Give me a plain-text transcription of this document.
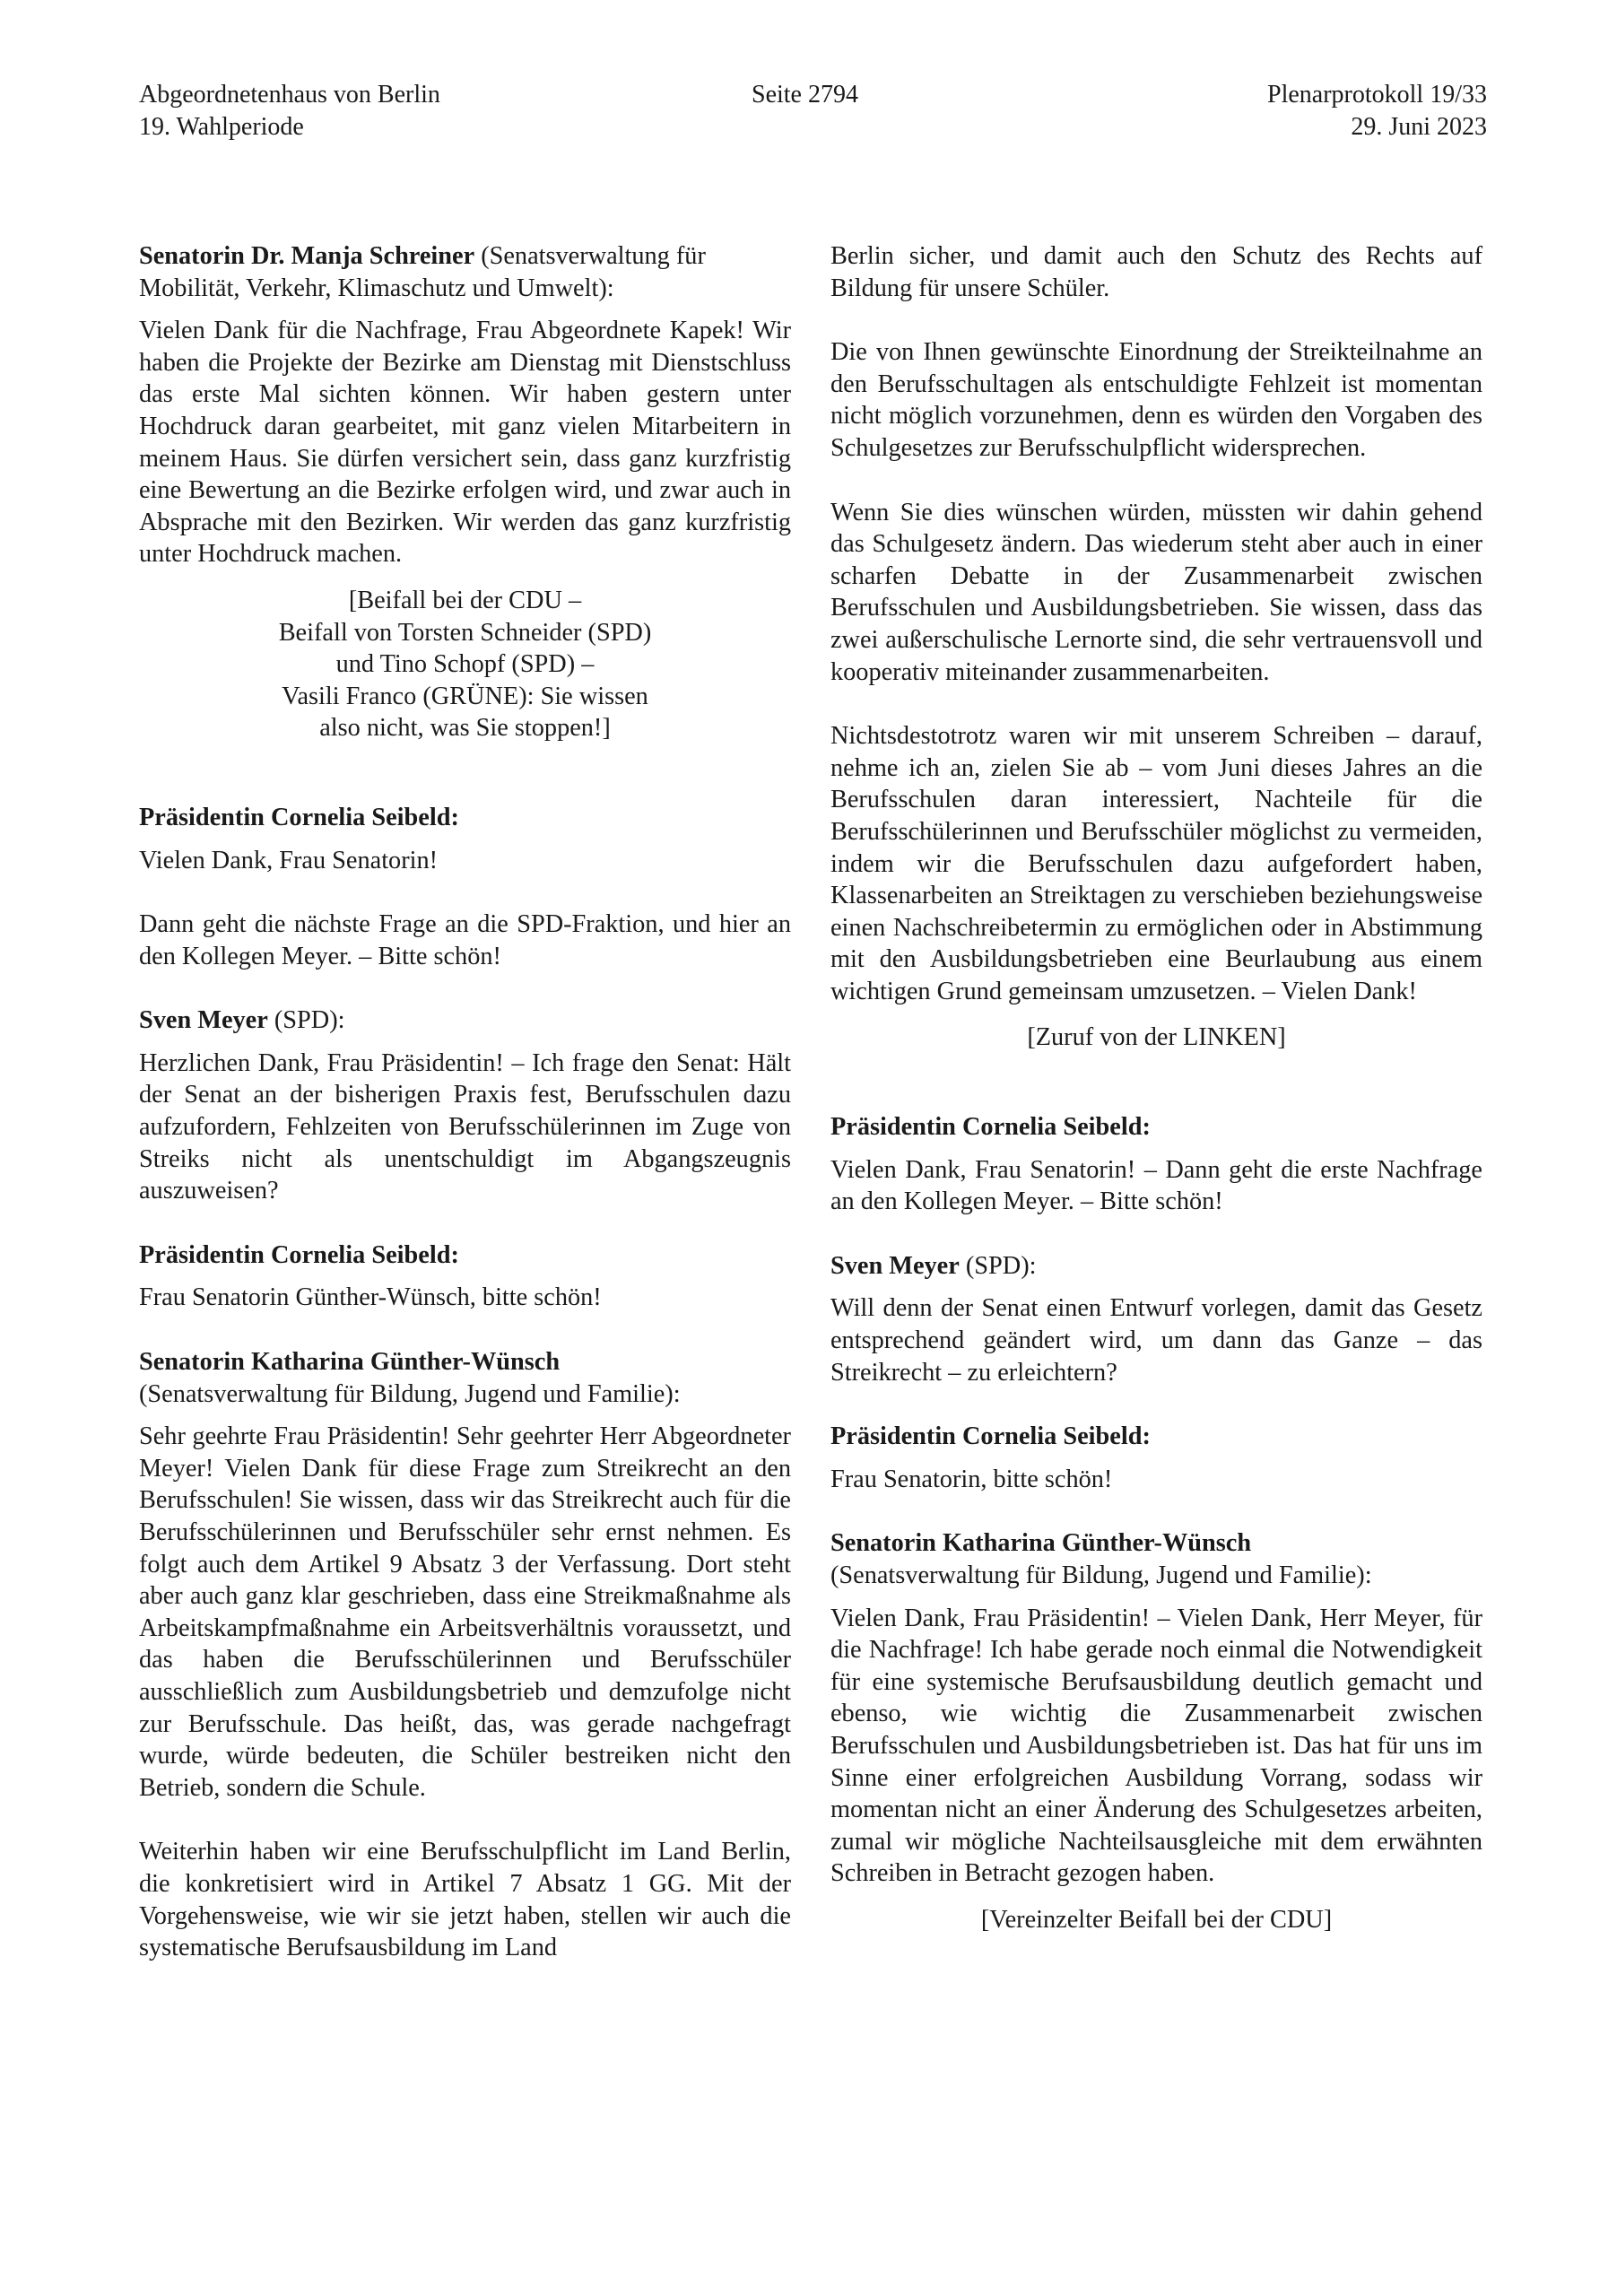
Abgeordnetenhaus von Berlin
19. Wahlperiode
Seite 2794	Plenarprotokoll 19/33
29. Juni 2023
Senatorin Dr. Manja Schreiner (Senatsverwaltung für Mobilität, Verkehr, Klimaschutz und Umwelt):

Vielen Dank für die Nachfrage, Frau Abgeordnete Kapek! Wir haben die Projekte der Bezirke am Dienstag mit Dienstschluss das erste Mal sichten können. Wir haben gestern unter Hochdruck daran gearbeitet, mit ganz vielen Mitarbeitern in meinem Haus. Sie dürfen versichert sein, dass ganz kurzfristig eine Bewertung an die Bezirke erfolgen wird, und zwar auch in Absprache mit den Bezirken. Wir werden das ganz kurzfristig unter Hochdruck machen.

[Beifall bei der CDU –
Beifall von Torsten Schneider (SPD)
und Tino Schopf (SPD) –
Vasili Franco (GRÜNE): Sie wissen
also nicht, was Sie stoppen!]
Präsidentin Cornelia Seibeld:

Vielen Dank, Frau Senatorin!

Dann geht die nächste Frage an die SPD-Fraktion, und hier an den Kollegen Meyer. – Bitte schön!

Sven Meyer (SPD):

Herzlichen Dank, Frau Präsidentin! – Ich frage den Senat: Hält der Senat an der bisherigen Praxis fest, Berufsschulen dazu aufzufordern, Fehlzeiten von Berufsschülerinnen im Zuge von Streiks nicht als unentschuldigt im Abgangszeugnis auszuweisen?

Präsidentin Cornelia Seibeld:

Frau Senatorin Günther-Wünsch, bitte schön!

Senatorin Katharina Günther-Wünsch
(Senatsverwaltung für Bildung, Jugend und Familie):

Sehr geehrte Frau Präsidentin! Sehr geehrter Herr Abgeordneter Meyer! Vielen Dank für diese Frage zum Streikrecht an den Berufsschulen! Sie wissen, dass wir das Streikrecht auch für die Berufsschülerinnen und Berufsschüler sehr ernst nehmen. Es folgt auch dem Artikel 9 Absatz 3 der Verfassung. Dort steht aber auch ganz klar geschrieben, dass eine Streikmaßnahme als Arbeitskampfmaßnahme ein Arbeitsverhältnis voraussetzt, und das haben die Berufsschülerinnen und Berufsschüler ausschließlich zum Ausbildungsbetrieb und demzufolge nicht zur Berufsschule. Das heißt, das, was gerade nachgefragt wurde, würde bedeuten, die Schüler bestreiken nicht den Betrieb, sondern die Schule.

Weiterhin haben wir eine Berufsschulpflicht im Land Berlin, die konkretisiert wird in Artikel 7 Absatz 1 GG. Mit der Vorgehensweise, wie wir sie jetzt haben, stellen wir auch die systematische Berufsausbildung im Land

Berlin sicher, und damit auch den Schutz des Rechts auf Bildung für unsere Schüler.

Die von Ihnen gewünschte Einordnung der Streikteilnahme an den Berufsschultagen als entschuldigte Fehlzeit ist momentan nicht möglich vorzunehmen, denn es würden den Vorgaben des Schulgesetzes zur Berufsschulpflicht widersprechen.

Wenn Sie dies wünschen würden, müssten wir dahin gehend das Schulgesetz ändern. Das wiederum steht aber auch in einer scharfen Debatte in der Zusammenarbeit zwischen Berufsschulen und Ausbildungsbetrieben. Sie wissen, dass das zwei außerschulische Lernorte sind, die sehr vertrauensvoll und kooperativ miteinander zusammenarbeiten.

Nichtsdestotrotz waren wir mit unserem Schreiben – darauf, nehme ich an, zielen Sie ab – vom Juni dieses Jahres an die Berufsschulen daran interessiert, Nachteile für die Berufsschülerinnen und Berufsschüler möglichst zu vermeiden, indem wir die Berufsschulen dazu aufgefordert haben, Klassenarbeiten an Streiktagen zu verschieben beziehungsweise einen Nachschreibetermin zu ermöglichen oder in Abstimmung mit den Ausbildungsbetrieben eine Beurlaubung aus einem wichtigen Grund gemeinsam umzusetzen. – Vielen Dank!

[Zuruf von der LINKEN]
Präsidentin Cornelia Seibeld:

Vielen Dank, Frau Senatorin! – Dann geht die erste Nachfrage an den Kollegen Meyer. – Bitte schön!

Sven Meyer (SPD):

Will denn der Senat einen Entwurf vorlegen, damit das Gesetz entsprechend geändert wird, um dann das Ganze – das Streikrecht – zu erleichtern?

Präsidentin Cornelia Seibeld:

Frau Senatorin, bitte schön!

Senatorin Katharina Günther-Wünsch
(Senatsverwaltung für Bildung, Jugend und Familie):

Vielen Dank, Frau Präsidentin! – Vielen Dank, Herr Meyer, für die Nachfrage! Ich habe gerade noch einmal die Notwendigkeit für eine systemische Berufsausbildung deutlich gemacht und ebenso, wie wichtig die Zusammenarbeit zwischen Berufsschulen und Ausbildungsbetrieben ist. Das hat für uns im Sinne einer erfolgreichen Ausbildung Vorrang, sodass wir momentan nicht an einer Änderung des Schulgesetzes arbeiten, zumal wir mögliche Nachteilsausgleiche mit dem erwähnten Schreiben in Betracht gezogen haben.

[Vereinzelter Beifall bei der CDU]
